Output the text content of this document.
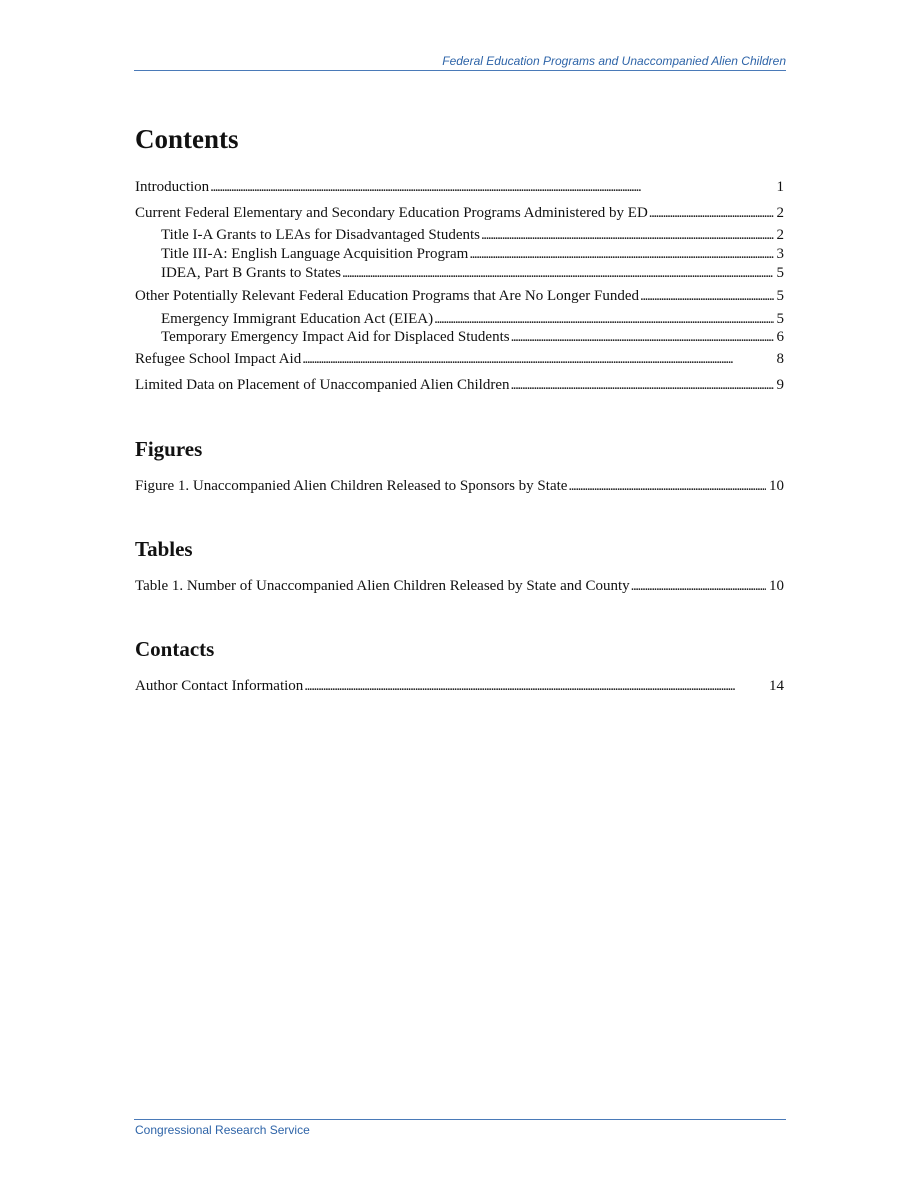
Federal Education Programs and Unaccompanied Alien Children
Contents
Introduction . . .	1
Current Federal Elementary and Secondary Education Programs Administered by ED . . .	2
Title I-A Grants to LEAs for Disadvantaged Students . . .	2
Title III-A: English Language Acquisition Program . . .	3
IDEA, Part B Grants to States . . .	5
Other Potentially Relevant Federal Education Programs that Are No Longer Funded . . .	5
Emergency Immigrant Education Act (EIEA) . . .	5
Temporary Emergency Impact Aid for Displaced Students . . .	6
Refugee School Impact Aid . . .	8
Limited Data on Placement of Unaccompanied Alien Children . . .	9
Figures
Figure 1. Unaccompanied Alien Children Released to Sponsors by State . . .	10
Tables
Table 1. Number of Unaccompanied Alien Children Released by State and County . . .	10
Contacts
Author Contact Information . . .	14
Congressional Research Service
